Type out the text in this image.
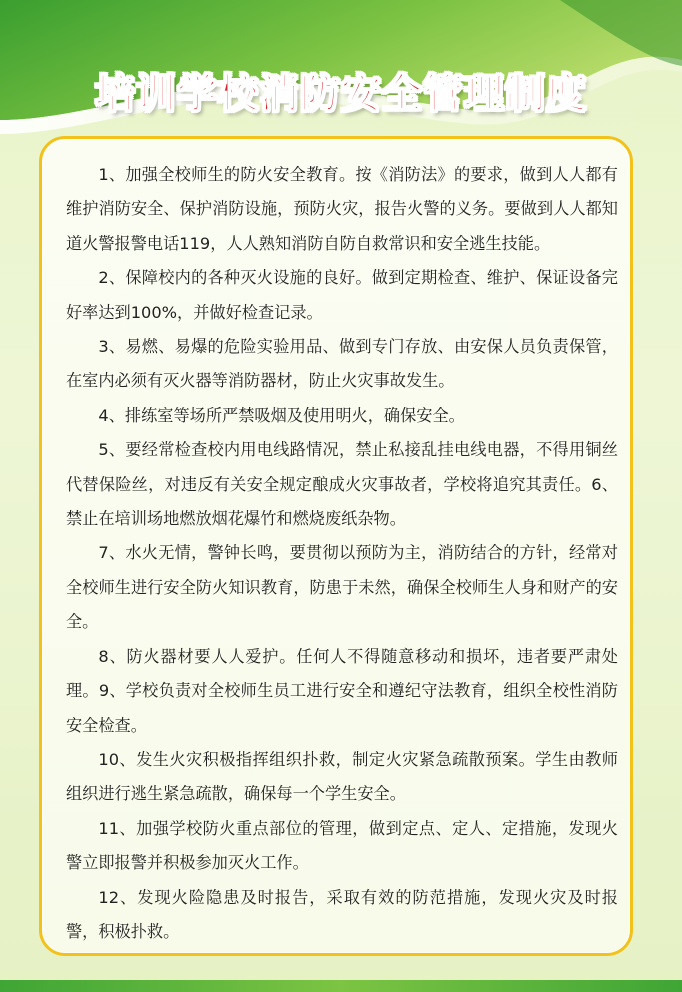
培训学校消防安全管理制度

1、加强全校师生的防火安全教育。按《消防法》的要求，做到人人都有维护消防安全、保护消防设施，预防火灾，报告火警的义务。要做到人人都知道火警报警电话119，人人熟知消防自防自救常识和安全逃生技能。

2、保障校内的各种灭火设施的良好。做到定期检查、维护、保证设备完好率达到100%，并做好检查记录。

3、易燃、易爆的危险实验用品、做到专门存放、由安保人员负责保管，在室内必须有灭火器等消防器材，防止火灾事故发生。

4、排练室等场所严禁吸烟及使用明火，确保安全。

5、要经常检查校内用电线路情况，禁止私接乱挂电线电器，不得用铜丝代替保险丝，对违反有关安全规定酿成火灾事故者，学校将追究其责任。6、禁止在培训场地燃放烟花爆竹和燃烧废纸杂物。

7、水火无情，警钟长鸣，要贯彻以预防为主，消防结合的方针，经常对全校师生进行安全防火知识教育，防患于未然，确保全校师生人身和财产的安全。

8、防火器材要人人爱护。任何人不得随意移动和损坏，违者要严肃处理。9、学校负责对全校师生员工进行安全和遵纪守法教育，组织全校性消防安全检查。

10、发生火灾积极指挥组织扑救，制定火灾紧急疏散预案。学生由教师组织进行逃生紧急疏散，确保每一个学生安全。

11、加强学校防火重点部位的管理，做到定点、定人、定措施，发现火警立即报警并积极参加灭火工作。

12、发现火险隐患及时报告，采取有效的防范措施，发现火灾及时报警，积极扑救。
